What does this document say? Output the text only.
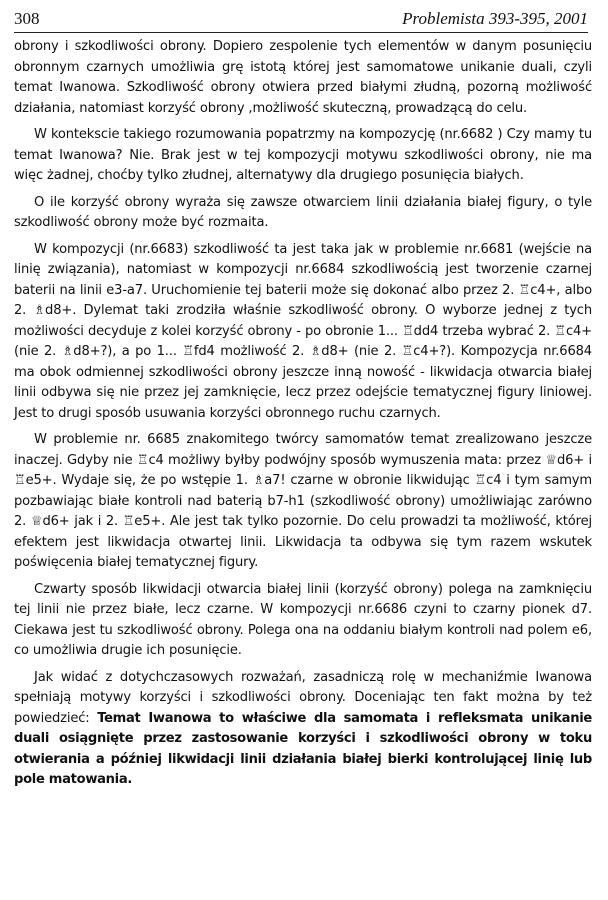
308	Problemista 393-395, 2001

obrony i szkodliwości obrony. Dopiero zespolenie tych elementów w danym posunięciu obronnym czarnych umożliwia grę istotą której jest samomatowe unikanie duali, czyli temat Iwanowa. Szkodliwość obrony otwiera przed białymi złudną, pozorną możliwość działania, natomiast korzyść obrony ,możliwość skuteczną, prowadzącą do celu.

W kontekscie takiego rozumowania popatrzmy na kompozycję (nr.6682 ) Czy mamy tu temat Iwanowa? Nie. Brak jest w tej kompozycji motywu szkodliwości obrony, nie ma więc żadnej, choćby tylko złudnej, alternatywy dla drugiego posunięcia białych.

O ile korzyść obrony wyraża się zawsze otwarciem linii działania białej figury, o tyle szkodliwość obrony może być rozmaita.

W kompozycji (nr.6683) szkodliwość ta jest taka jak w problemie nr.6681 (wejście na linię związania), natomiast w kompozycji nr.6684 szkodliwością jest tworzenie czarnej baterii na linii e3-a7. Uruchomienie tej baterii może się dokonać albo przez 2. ♖c4+, albo 2. ♗d8+. Dylemat taki zrodziła właśnie szkodliwość obrony. O wyborze jednej z tych możliwości decyduje z kolei korzyść obrony - po obronie 1... ♖dd4 trzeba wybrać 2. ♖c4+ (nie 2. ♗d8+?), a po 1... ♖fd4 możliwość 2. ♗d8+ (nie 2. ♖c4+?). Kompozycja nr.6684 ma obok odmiennej szkodliwości obrony jeszcze inną nowość - likwidacja otwarcia białej linii odbywa się nie przez jej zamknięcie, lecz przez odejście tematycznej figury liniowej. Jest to drugi sposób usuwania korzyści obronnego ruchu czarnych.

W problemie nr. 6685 znakomitego twórcy samomatów temat zrealizowano jeszcze inaczej. Gdyby nie ♖c4 możliwy byłby podwójny sposób wymuszenia mata: przez ♕d6+ i ♖e5+. Wydaje się, że po wstępie 1. ♗a7! czarne w obronie likwidując ♖c4 i tym samym pozbawiając białe kontroli nad baterią b7-h1 (szkodliwość obrony) umożliwiając zarówno 2. ♕d6+ jak i 2. ♖e5+. Ale jest tak tylko pozornie. Do celu prowadzi ta możliwość, której efektem jest likwidacja otwartej linii. Likwidacja ta odbywa się tym razem wskutek poświęcenia białej tematycznej figury.

Czwarty sposób likwidacji otwarcia białej linii (korzyść obrony) polega na zamknięciu tej linii nie przez białe, lecz czarne. W kompozycji nr.6686 czyni to czarny pionek d7. Ciekawa jest tu szkodliwość obrony. Polega ona na oddaniu białym kontroli nad polem e6, co umożliwia drugie ich posunięcie.

Jak widać z dotychczasowych rozważań, zasadniczą rolę w mechaniźmie Iwanowa spełniają motywy korzyści i szkodliwości obrony. Doceniając ten fakt można by też powiedzieć: Temat Iwanowa to właściwe dla samomata i refleksmata unikanie duali osiągnięte przez zastosowanie korzyści i szkodliwości obrony w toku otwierania a później likwidacji linii działania białej bierki kontrolującej linię lub pole matowania.
